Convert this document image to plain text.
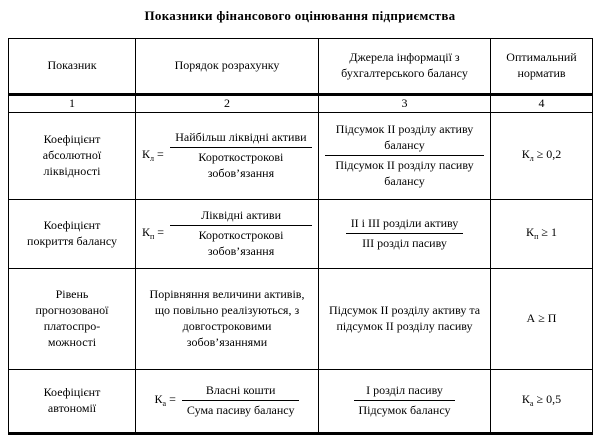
Показники фінансового оцінювання підприємства
Показник	Порядок розрахунку	Джерела інформації з бухгалтерського балансу	Оптимальний норматив
1	2	3	4
Коефіцієнт абсолютної ліквідності	$К_л = \frac{\text{Найбільш ліквідні активи}}{\text{Короткострокові зобов’язання}}$	$\frac{\text{Підсумок II розділу активу балансу}}{\text{Підсумок II розділу пасиву балансу}}$	$К_л \ge 0,2$
Коефіцієнт покриття балансу	$К_п = \frac{\text{Ліквідні активи}}{\text{Короткострокові зобов’язання}}$	$\frac{\text{II і III розділи активу}}{\text{III розділ пасиву}}$	$К_п \ge 1$
Рівень прогнозованої платоспро-можності	Порівняння величини активів, що повільно реалізуються, з довгостроковими зобов’язаннями	Підсумок II розділу активу та підсумок II розділу пасиву	А ≥ П
Коефіцієнт автономії	$К_а = \frac{\text{Власні кошти}}{\text{Сума пасиву балансу}}$	$\frac{\text{I розділ пасиву}}{\text{Підсумок балансу}}$	$К_а \ge 0,5$
